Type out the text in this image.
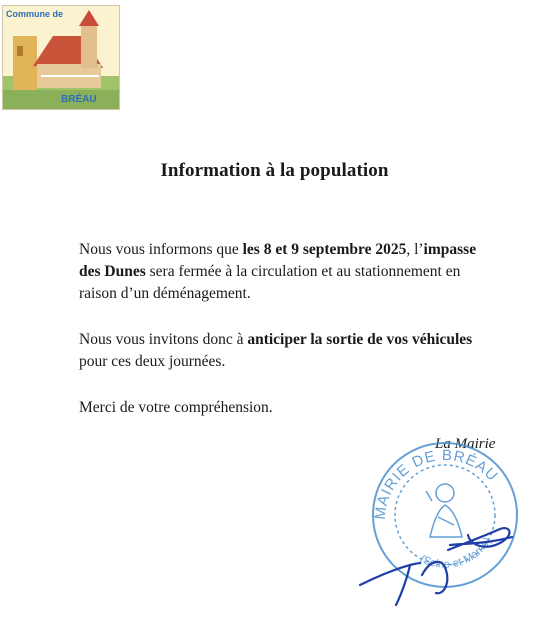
Commune de
BRÉAU
Information à la population
Nous vous informons que les 8 et 9 septembre 2025, l’impasse des Dunes sera fermée à la circulation et au stationnement en raison d’un déménagement.
Nous vous invitons donc à anticiper la sortie de vos véhicules pour ces deux journées.
Merci de votre compréhension.
La Mairie
MAIRIE DE BRÉAU
(Seine-et-Marne)
